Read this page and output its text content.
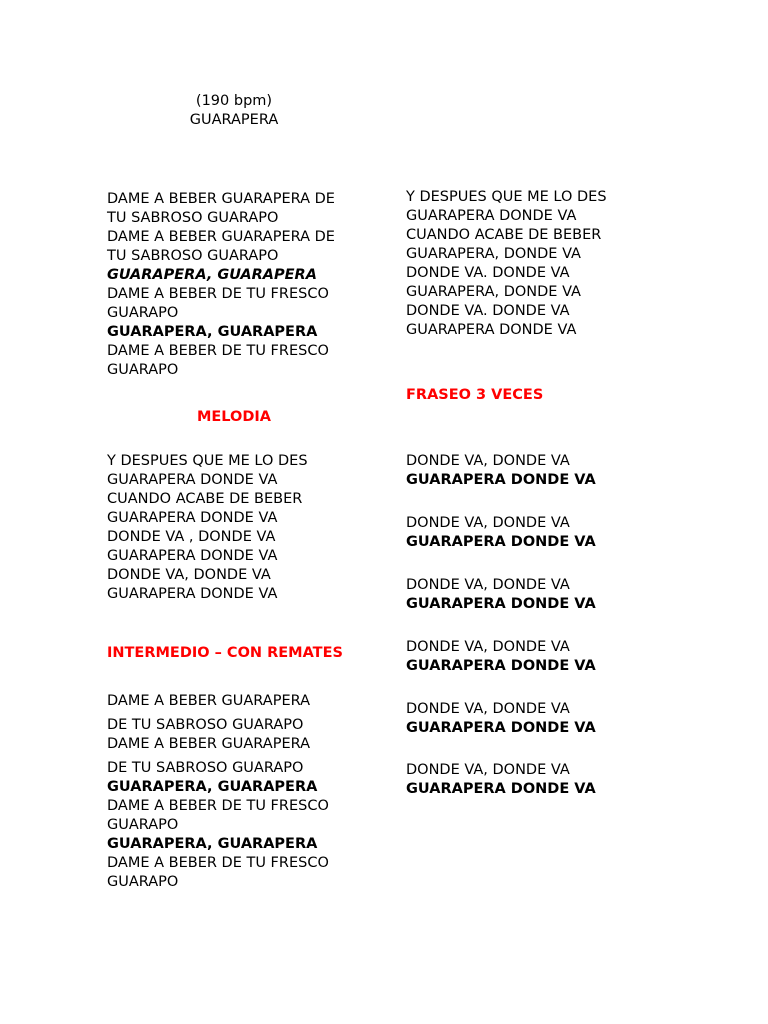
(190 bpm)
GUARAPERA
DAME A BEBER GUARAPERA DE
TU SABROSO GUARAPO
DAME A BEBER GUARAPERA DE
TU SABROSO GUARAPO
GUARAPERA, GUARAPERA
DAME A BEBER DE TU FRESCO
GUARAPO
GUARAPERA, GUARAPERA
DAME A BEBER DE TU FRESCO
GUARAPO
MELODIA
Y DESPUES QUE ME LO DES
GUARAPERA DONDE VA
CUANDO ACABE DE BEBER
GUARAPERA DONDE VA
DONDE VA , DONDE VA
GUARAPERA DONDE VA
DONDE VA, DONDE VA
GUARAPERA DONDE VA
INTERMEDIO – CON REMATES
DAME A BEBER GUARAPERA
DE TU SABROSO GUARAPO
DAME A BEBER GUARAPERA
DE TU SABROSO GUARAPO
GUARAPERA, GUARAPERA
DAME A BEBER DE TU FRESCO
GUARAPO
GUARAPERA, GUARAPERA
DAME A BEBER DE TU FRESCO
GUARAPO
Y DESPUES QUE ME LO DES
GUARAPERA DONDE VA
CUANDO ACABE DE BEBER
GUARAPERA, DONDE VA
DONDE VA. DONDE VA
GUARAPERA, DONDE VA
DONDE VA. DONDE VA
GUARAPERA DONDE VA
FRASEO 3 VECES
DONDE VA, DONDE VA
GUARAPERA DONDE VA
DONDE VA, DONDE VA
GUARAPERA DONDE VA
DONDE VA, DONDE VA
GUARAPERA DONDE VA
DONDE VA, DONDE VA
GUARAPERA DONDE VA
DONDE VA, DONDE VA
GUARAPERA DONDE VA
DONDE VA, DONDE VA
GUARAPERA DONDE VA
